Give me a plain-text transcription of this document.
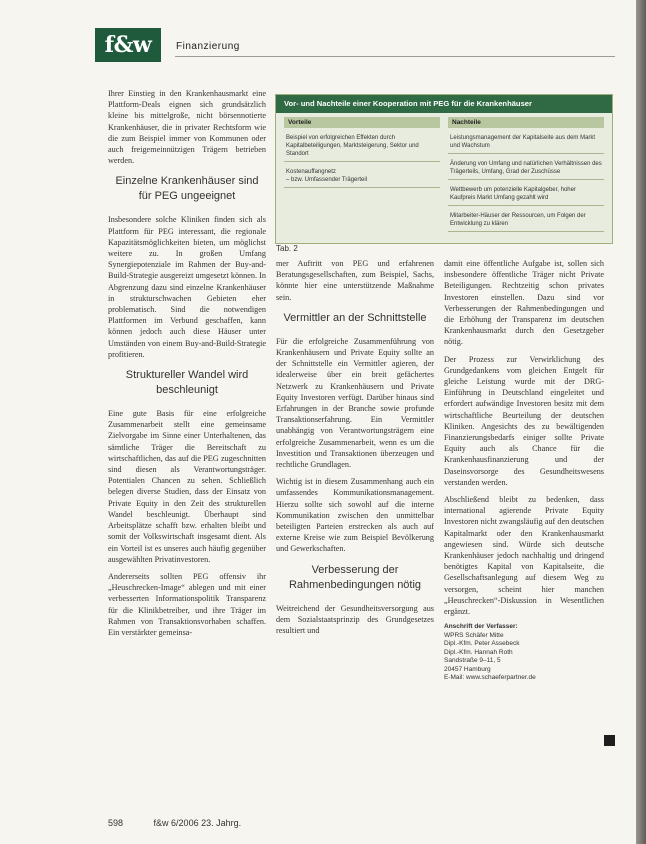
f&w	Finanzierung

Ihrer Einstieg in den Krankenhausmarkt eine Plattform-Deals eignen sich grundsätzlich kleine bis mittelgroße, nicht börsennotierte Krankenhäuser, die in privater Rechtsform wie die zum Beispiel immer von Kommunen oder auch freigemeinnützigen Trägern betrieben werden.

Einzelne Krankenhäuser sind für PEG ungeeignet

Insbesondere solche Kliniken finden sich als Plattform für PEG interessant, die regionale Kapazitätsmöglichkeiten bieten, um möglichst weitere zu. In großen Umfang Synergiepotenziale im Rahmen der Buy-and-Build-Strategie ausgereizt umgesetzt können. In Abgrenzung dazu sind einzelne Krankenhäuser in strukturschwachen Gebieten eher problematisch. Sind die notwendigen Plattformen im Verbund geschaffen, kann können jedoch auch diese Häuser unter Umständen von einem Buy-and-Build-Strategie profitieren.

Struktureller Wandel wird beschleunigt

Eine gute Basis für eine erfolgreiche Zusammenarbeit stellt eine gemeinsame Zielvorgabe im Sinne einer Unterhaltenen, das sämtliche Träger die Bereitschaft zu wirtschaftlichen, das auf die PEG zugeschnitten sind diesen als Verantwortungsträger. Potentialen Chancen zu sehen. Schließlich belegen diverse Studien, dass der Einsatz von Private Equity in den Zeit des strukturellen Wandel beschleunigt. Überhaupt sind Arbeitsplätze schafft bzw. erhalten bleibt und somit der Volkswirtschaft insgesamt dient. Als ein Vorteil ist es unseres auch häufig gegenüber ausgewählten Privatinvestoren.

Andererseits sollten PEG offensiv ihr „Heuschrecken-Image“ ablegen und mit einer verbesserten Informationspolitik Transparenz für die Klinikbetreiber, und ihre Träger im Rahmen von Transaktionsvorhaben schaffen. Ein verstärkter gemeinsa-

Vor- und Nachteile einer Kooperation mit PEG für die Krankenhäuser
Vorteile
Beispiel von erfolgreichen Effekten durch Kapitalbeteiligungen, Marktsteigerung, Sektor und Standort
Kostenauffangnetz
– bzw. Umfassender Trägerteil
Nachteile
Leistungsmanagement der Kapitalseite aus dem Markt und Wachstum
Änderung von Umfang und natürlichen Verhältnissen des Trägerteils, Umfang, Grad der Zuschüsse
Wettbewerb um potenzielle Kapitalgeber, hoher Kaufpreis Markt Umfang gezahlt wird
Mitarbeiter-Häuser der Ressourcen, um Folgen der Entwicklung zu klären
Tab. 2

mer Auftritt von PEG und erfahrenen Beratungsgesellschaften, zum Beispiel, Sachs, könnte hier eine unterstützende Maßnahme sein.

Vermittler an der Schnittstelle

Für die erfolgreiche Zusammenführung von Krankenhäusern und Private Equity sollte an der Schnittstelle ein Vermittler agieren, der idealerweise über ein breit gefächertes Netzwerk zu Krankenhäusern und Private Equity Investoren verfügt. Darüber hinaus sind Erfahrungen in der Branche sowie profunde Transaktionserfahrung. Ein Vermittler unabhängig von Verantwortungsträgern eine erfolgreiche Zusammenarbeit, wenn es um die Investition und Transaktionen überzeugen und rechtliche Grundlagen.

Wichtig ist in diesem Zusammenhang auch ein umfassendes Kommunikationsmanagement. Hierzu sollte sich sowohl auf die interne Kommunikation zwischen den unmittelbar beteiligten Parteien erstrecken als auch auf externe Kreise wie zum Beispiel Bevölkerung und Gewerkschaften.

Verbesserung der Rahmenbedingungen nötig

Weitreichend der Gesundheitsversorgung aus dem Sozialstaatsprinzip des Grundgesetzes resultiert und

damit eine öffentliche Aufgabe ist, sollen sich insbesondere öffentliche Träger nicht Private Beteiligungen. Rechtzeitig schon privates Investoren einstellen. Dazu sind vor Verbesserungen der Rahmenbedingungen und die Erhöhung der Transparenz im deutschen Krankenhausmarkt durch den Gesetzgeber nötig.

Der Prozess zur Verwirklichung des Grundgedankens vom gleichen Entgelt für gleiche Leistung wurde mit der DRG-Einführung in Deutschland eingeleitet und erfordert aufwändige Investoren besitz mit dem wirtschaftliche Beurteilung der deutschen Kliniken. Angesichts des zu bewältigenden Finanzierungsbedarfs einiger sollte Private Equity auch als Chance für die Krankenhausfinanzierung und der Daseinsvorsorge des Gesundheitswesens verstanden werden.

Abschließend bleibt zu bedenken, dass international agierende Private Equity Investoren nicht zwangsläufig auf den deutschen Kapitalmarkt oder den Krankenhausmarkt angewiesen sind. Würde sich deutsche Krankenhäuser jedoch nachhaltig und dringend benötigtes Kapital von Kapitalseite, die Gesellschaftsanlegung auf diesem Weg zu versorgen, scheint hier manchen „Heuschrecken“-Diskussion in Wesentlichen ergänzt.

Anschrift der Verfasser:
WPRS Schäfer Mitte
Dipl.-Kfm. Peter Assebeck
Dipl.-Kfm. Hannah Roth
Sandstraße 9–11, 5
20457 Hamburg
E-Mail: www.schaeferpartner.de
598	f&w 6/2006 23. Jahrg.
